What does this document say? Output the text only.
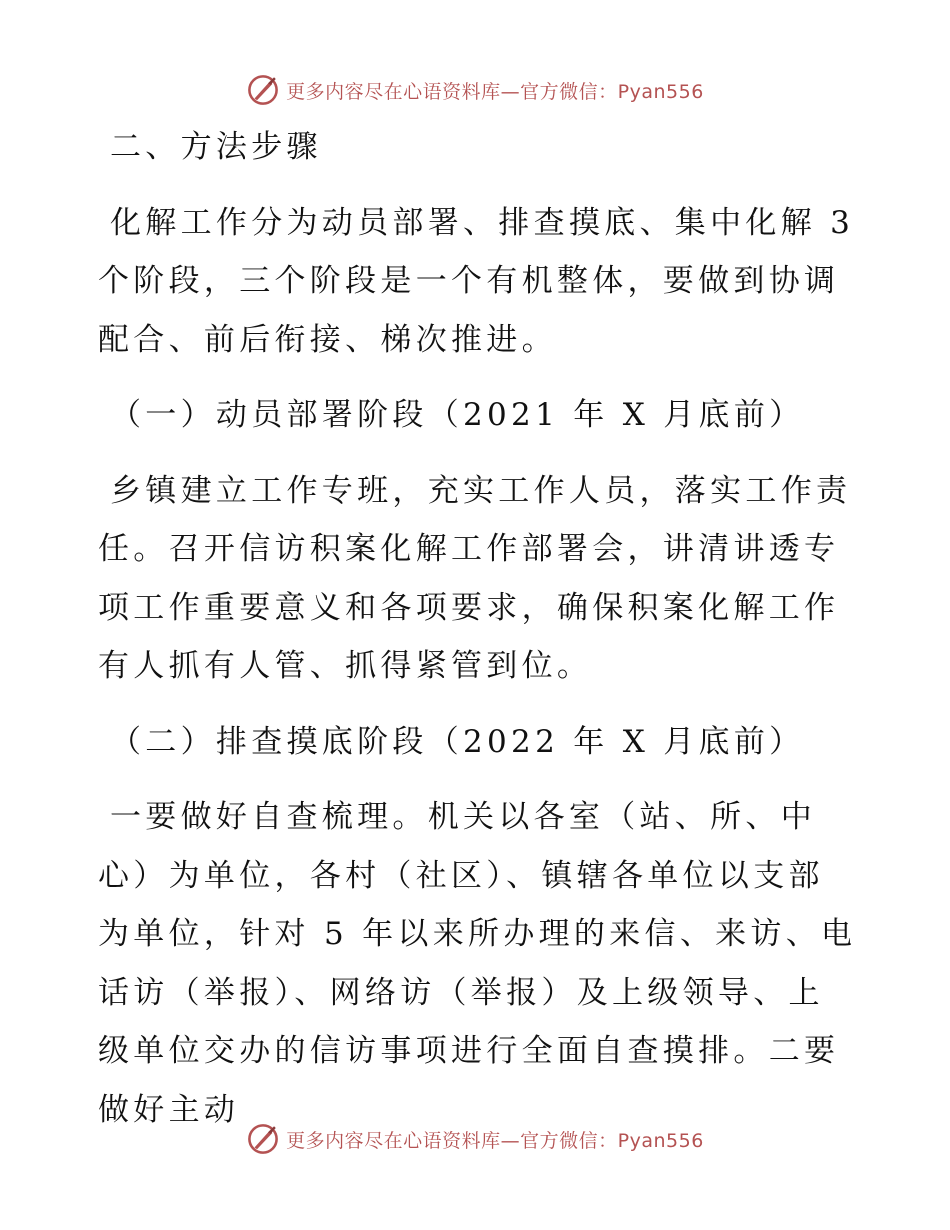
更多内容尽在心语资料库—官方微信：Pyan556

二、方法步骤

化解工作分为动员部署、排查摸底、集中化解 3 个阶段，三个阶段是一个有机整体，要做到协调配合、前后衔接、梯次推进。

（一）动员部署阶段（2021 年 X 月底前）

乡镇建立工作专班，充实工作人员，落实工作责任。召开信访积案化解工作部署会，讲清讲透专项工作重要意义和各项要求，确保积案化解工作有人抓有人管、抓得紧管到位。

（二）排查摸底阶段（2022 年 X 月底前）

一要做好自查梳理。机关以各室（站、所、中心）为单位，各村（社区）、镇辖各单位以支部为单位，针对 5 年以来所办理的来信、来访、电话访（举报）、网络访（举报）及上级领导、上级单位交办的信访事项进行全面自查摸排。二要做好主动

更多内容尽在心语资料库—官方微信：Pyan556
